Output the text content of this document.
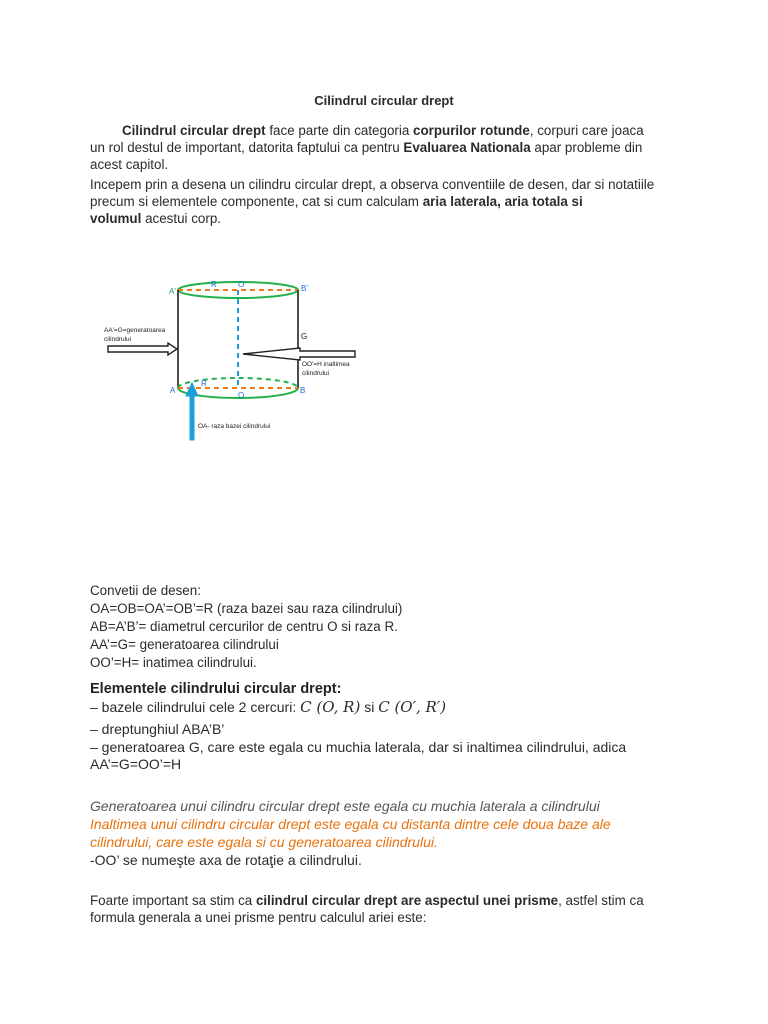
Cilindrul circular drept
Cilindrul circular drept face parte din categoria corpurilor rotunde, corpuri care joaca
un rol destul de important, datorita faptului ca pentru Evaluarea Nationala apar probleme din
acest capitol.
Incepem prin a desena un cilindru circular drept, a observa conventiile de desen, dar si notatiile
precum si elementele componente, cat si cum calculam aria laterala, aria totala si
volumul acestui corp.
A'
R	O'	B'
G
A
R
O
B
AA'=G=generatoarea
cilindrului
OO'=H inaltimea
cilindrului
OA- raza bazei cilindrului
Convetii de desen:
OA=OB=OA’=OB’=R (raza bazei sau raza cilindrului)
AB=A’B’= diametrul cercurilor de centru O si raza R.
AA’=G= generatoarea cilindrului
OO’=H= inatimea cilindrului.
Elementele cilindrului circular drept:
– bazele cilindrului cele 2 cercuri: C (O, R) si C (O′, R′)
– dreptunghiul ABA’B’
– generatoarea G, care este egala cu muchia laterala, dar si inaltimea cilindrului, adica
AA’=G=OO’=H
Generatoarea unui cilindru circular drept este egala cu muchia laterala a cilindrului
Inaltimea unui cilindru circular drept este egala cu distanta dintre cele doua baze ale
cilindrului, care este egala si cu generatoarea cilindrului.
-OO’ se numeşte axa de rotaţie a cilindrului.
Foarte important sa stim ca cilindrul circular drept are aspectul unei prisme, astfel stim ca
formula generala a unei prisme pentru calculul ariei este:
